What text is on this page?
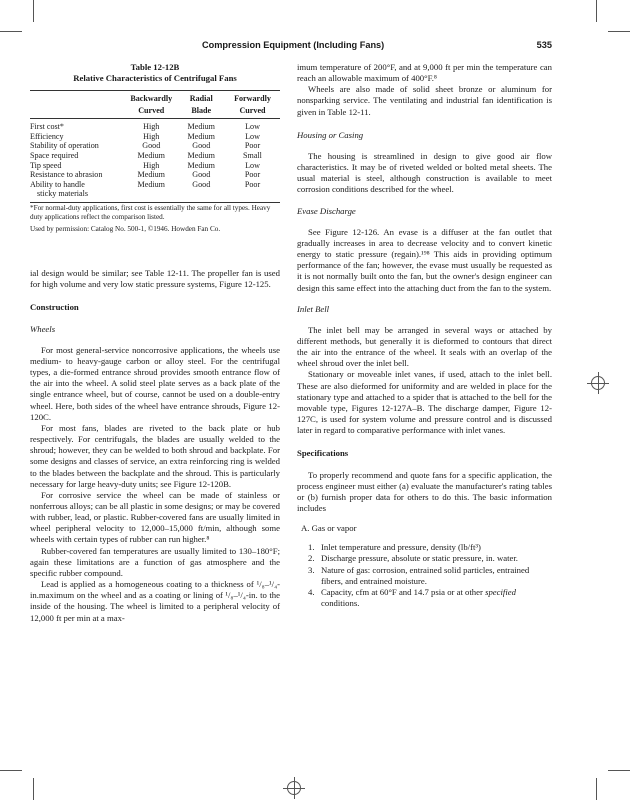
Compression Equipment (Including Fans)	535
Table 12-12B
Relative Characteristics of Centrifugal Fans
	Backwardly	Radial	Forwardly
	Curved	Blade	Curved
First cost*	High	Medium	Low
Efficiency	High	Medium	Low
Stability of operation	Good	Good	Poor
Space required	Medium	Medium	Small
Tip speed	High	Medium	Low
Resistance to abrasion	Medium	Good	Poor
Ability to handle	Medium	Good	Poor
sticky materials			

*For normal-duty applications, first cost is essentially the same for all types. Heavy duty applications reflect the comparison listed.

Used by permission: Catalog No. 500-1, ©1946. Howden Fan Co.

ial design would be similar; see Table 12-11. The propeller fan is used for high volume and very low static pressure systems, Figure 12-125.

Construction

Wheels

For most general-service noncorrosive applications, the wheels use medium- to heavy-gauge carbon or alloy steel. For the centrifugal types, a die-formed entrance shroud provides smooth entrance flow of the air into the wheel. A solid steel plate serves as a back plate of the single entrance wheel, but of course, cannot be used on a double-entry wheel. Here, both sides of the wheel have entrance shrouds, Figure 12-120C.

For most fans, blades are riveted to the back plate or hub respectively. For centrifugals, the blades are usually welded to the shroud; however, they can be welded to both shroud and backplate. For some designs and classes of service, an extra reinforcing ring is welded to the blades between the backplate and the shroud. This is particularly necessary for large heavy-duty units; see Figure 12-120B.

For corrosive service the wheel can be made of stainless or nonferrous alloys; can be all plastic in some designs; or may be covered with rubber, lead, or plastic. Rubber-covered fans are usually limited in wheel peripheral velocity to 12,000–15,000 ft/min, although some wheels with certain types of rubber can run higher.⁸

Rubber-covered fan temperatures are usually limited to 130–180°F; again these limitations are a function of gas atmosphere and the specific rubber compound.

Lead is applied as a homogeneous coating to a thickness of ¹/₈–¹/₄-in.maximum on the wheel and as a coating or lining of ¹/₈–¹/₄-in. to the inside of the housing. The wheel is limited to a peripheral velocity of 12,000 ft per min at a max-

imum temperature of 200°F, and at 9,000 ft per min the temperature can reach an allowable maximum of 400°F.⁸

Wheels are also made of solid sheet bronze or aluminum for nonsparking service. The ventilating and industrial fan identification is given in Table 12-11.

Housing or Casing

The housing is streamlined in design to give good air flow characteristics. It may be of riveted welded or bolted metal sheets. The usual material is steel, although construction is available to meet corrosion conditions described for the wheel.

Evase Discharge

See Figure 12-126. An evase is a diffuser at the fan outlet that gradually increases in area to decrease velocity and to convert kinetic energy to static pressure (regain).¹⁹⁸ This aids in providing optimum performance of the fan; however, the evase must usually be requested as it is not normally built onto the fan, but the owner's design engineer can design this same effect into the attaching duct from the fan to the system.

Inlet Bell

The inlet bell may be arranged in several ways or attached by different methods, but generally it is dieformed to contours that direct the air into the entrance of the wheel. It seals with an overlap of the wheel shroud over the inlet bell.

Stationary or moveable inlet vanes, if used, attach to the inlet bell. These are also dieformed for uniformity and are welded in place for the stationary type and attached to a spider that is attached to the bell for the movable type, Figures 12-127A–B. The discharge damper, Figure 12-127C, is used for system volume and pressure control and is discussed later in regard to comparative performance with inlet vanes.

Specifications

To properly recommend and quote fans for a specific application, the process engineer must either (a) evaluate the manufacturer's rating tables or (b) furnish proper data for others to do this. The basic information includes

A. Gas or vapor

1. Inlet temperature and pressure, density (lb/ft³)
2. Discharge pressure, absolute or static pressure, in. water.
3. Nature of gas: corrosion, entrained solid particles, entrained fibers, and entrained moisture.
4. Capacity, cfm at 60°F and 14.7 psia or at other specified conditions.
